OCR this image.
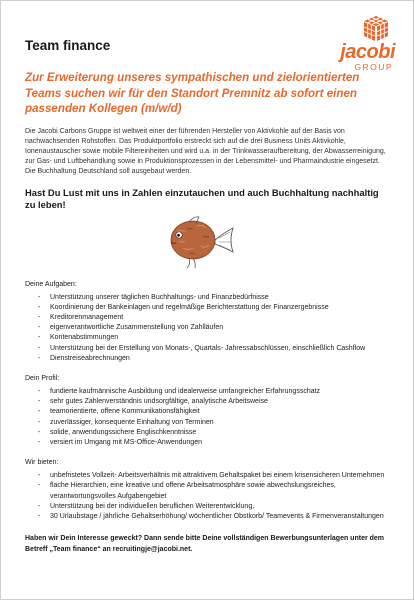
Team finance	jacobi
GROUP

Zur Erweiterung unseres sympathischen und zielorientierten Teams suchen wir für den Standort Premnitz ab sofort einen passenden Kollegen (m/w/d)

Die Jacobi Carbons Gruppe ist weltweit einer der führenden Hersteller von Aktivkohle auf der Basis von nachwachsenden Rohstoffen. Das Produktportfolio erstreckt sich auf die drei Business Units Aktivkohle, Ionenaustauscher sowie mobile Filtereinheiten und wird u.a. in der Trinkwasseraufbereitung, der Abwasserreinigung, zur Gas- und Luftbehandlung sowie in Produktionsprozessen in der Lebensmittel- und Pharmaindustrie eingesetzt. Die Buchhaltung Deutschland soll ausgebaut werden.

Hast Du Lust mit uns in Zahlen einzutauchen und auch Buchhaltung nachhaltig zu leben!

Deine Aufgaben:
- Unterstützung unserer täglichen Buchhaltungs- und Finanzbedürfnisse
- Koordinierung der Bankeinlagen und regelmäßige Berichterstattung der Finanzergebnisse
- Kreditorenmanagement
- eigenverantwortliche Zusammenstellung von Zahlläufen
- Kontenabstimmungen
- Unterstützung bei der Erstellung von Monats-, Quartals- Jahressabschlüssen, einschließlich Cashflow
- Dienstreiseabrechnungen
Dein Profil:
- fundierte kaufmännische Ausbildung und idealerweise umfangreicher Erfahrungsschatz
- sehr gutes Zahlenverständnis undsorgfältige, analytische Arbeitsweise
- teamorientierte, offene Kommunikationsfähigkeit
- zuverlässiger, konsequente Einhaltung von Terminen
- solide, anwendungssichere Englischkenntnisse
- versiert im Umgang mit MS-Office-Anwendungen
Wir bieten:
- unbefristetes Vollzeit- Arbeitsverhältnis mit attraktivem Gehaltspaket bei einem krisensicheren Unternehmen
- flache Hierarchien, eine kreative und offene Arbeitsatmosphäre sowie abwechslungsreiches, verantwortungsvolles Aufgabengebiet
- Unterstützung bei der individuellen beruflichen Weiterentwicklung,
- 30 Urlaubstage / jährliche Gehaltserhöhung/ wöchentlicher Obstkorb/ Teamevents & Firmenveranstaltungen

Haben wir Dein Interesse geweckt? Dann sende bitte Deine vollständigen Bewerbungsunterlagen unter dem Betreff „Team finance“ an recruitingje@jacobi.net.
